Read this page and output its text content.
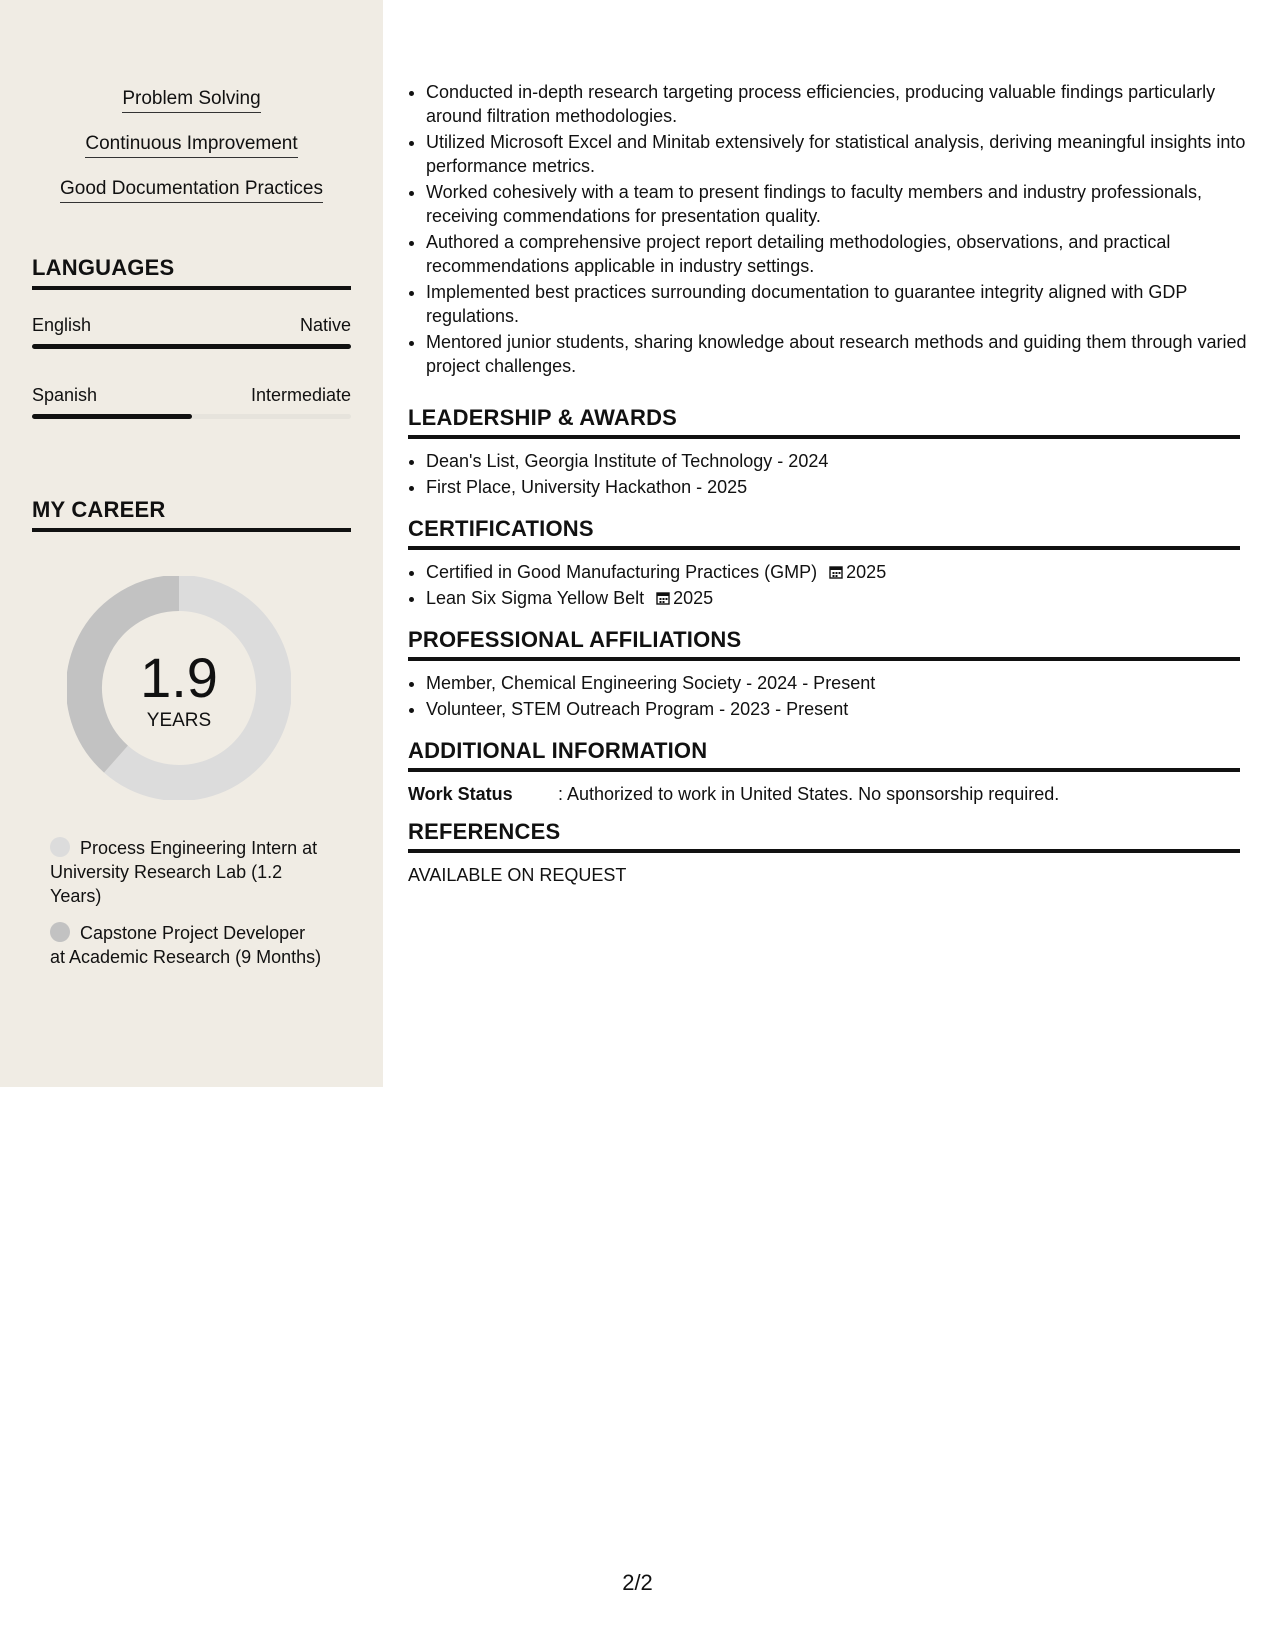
Problem Solving
Continuous Improvement
Good Documentation Practices
LANGUAGES
English	Native
Spanish	Intermediate
MY CAREER
1.9
YEARS
Process Engineering Intern at University Research Lab (1.2 Years)
Capstone Project Developer at Academic Research (9 Months)
• Conducted in-depth research targeting process efficiencies, producing valuable findings particularly around filtration methodologies.
• Utilized Microsoft Excel and Minitab extensively for statistical analysis, deriving meaningful insights into performance metrics.
• Worked cohesively with a team to present findings to faculty members and industry professionals, receiving commendations for presentation quality.
• Authored a comprehensive project report detailing methodologies, observations, and practical recommendations applicable in industry settings.
• Implemented best practices surrounding documentation to guarantee integrity aligned with GDP regulations.
• Mentored junior students, sharing knowledge about research methods and guiding them through varied project challenges.
LEADERSHIP & AWARDS
• Dean's List, Georgia Institute of Technology - 2024
• First Place, University Hackathon - 2025
CERTIFICATIONS
• Certified in Good Manufacturing Practices (GMP) 2025
• Lean Six Sigma Yellow Belt 2025
PROFESSIONAL AFFILIATIONS
• Member, Chemical Engineering Society - 2024 - Present
• Volunteer, STEM Outreach Program - 2023 - Present
ADDITIONAL INFORMATION
Work Status	: Authorized to work in United States. No sponsorship required.
REFERENCES
AVAILABLE ON REQUEST
2/2
